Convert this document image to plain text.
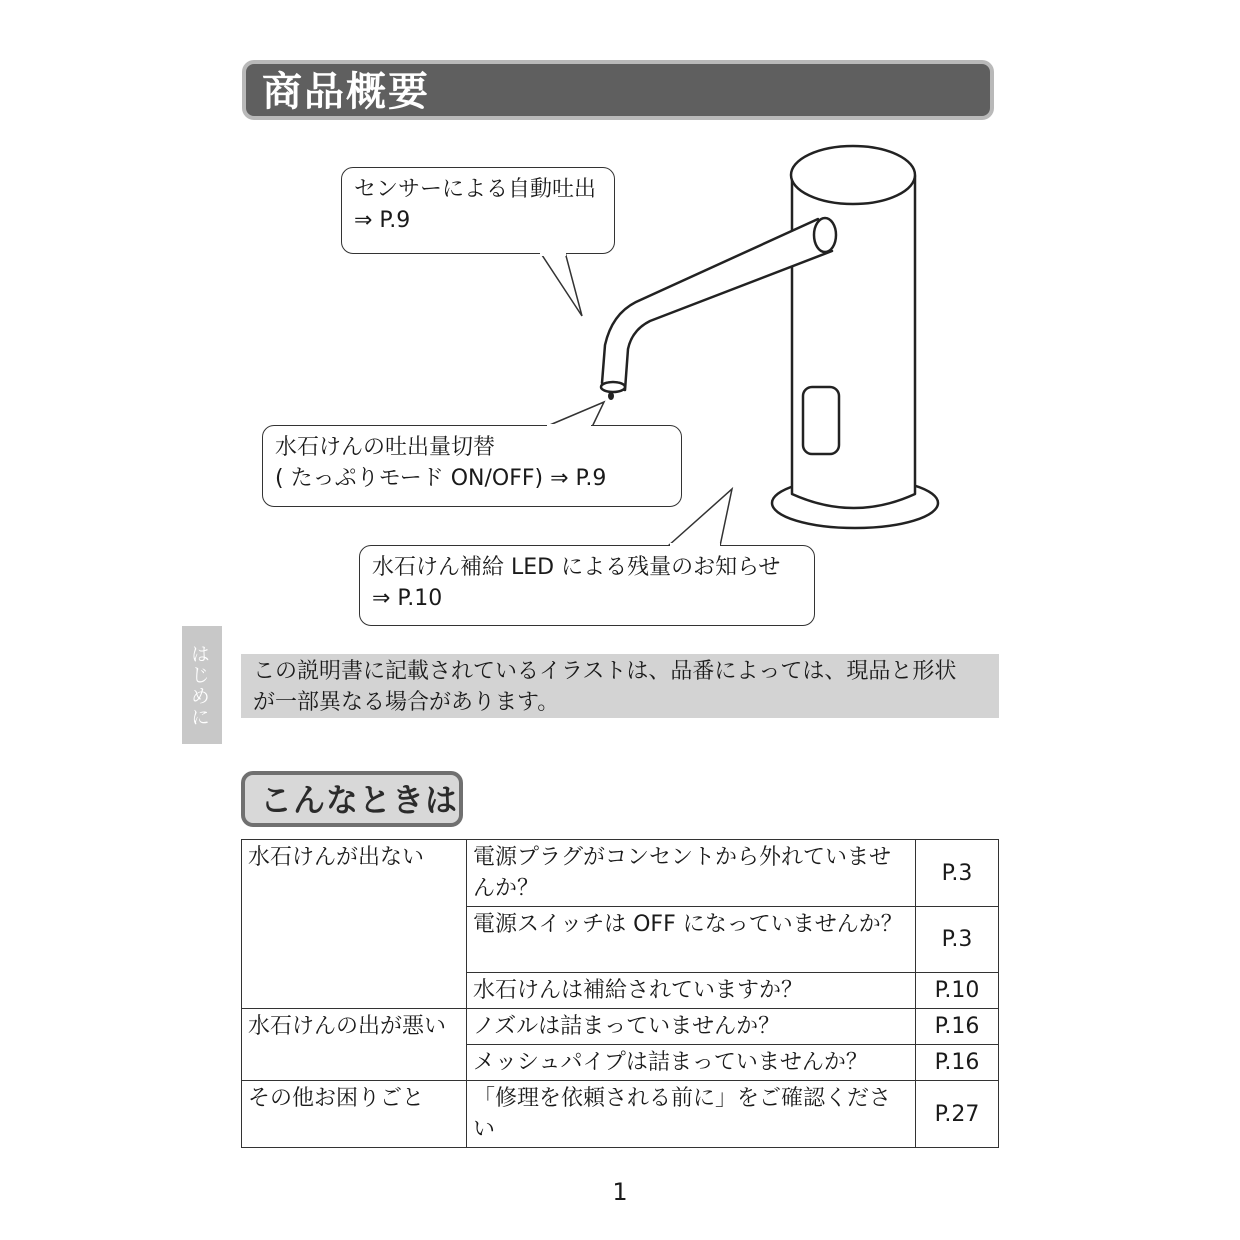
商品概要
センサーによる自動吐出
⇒ P.9
水石けんの吐出量切替
( たっぷりモード ON/OFF) ⇒ P.9
水石けん補給 LED による残量のお知らせ
⇒ P.10
はじめに この説明書に記載されているイラストは、品番によっては、現品と形状
が一部異なる場合があります。
こんなときは
水石けんが出ない	電源プラグがコンセントから外れていませんか？	P.3
	電源スイッチは OFF になっていませんか？	P.3
	水石けんは補給されていますか？	P.10
水石けんの出が悪い	ノズルは詰まっていませんか？	P.16
	メッシュパイプは詰まっていませんか？	P.16
その他お困りごと	「修理を依頼される前に」をご確認ください	P.27
1
